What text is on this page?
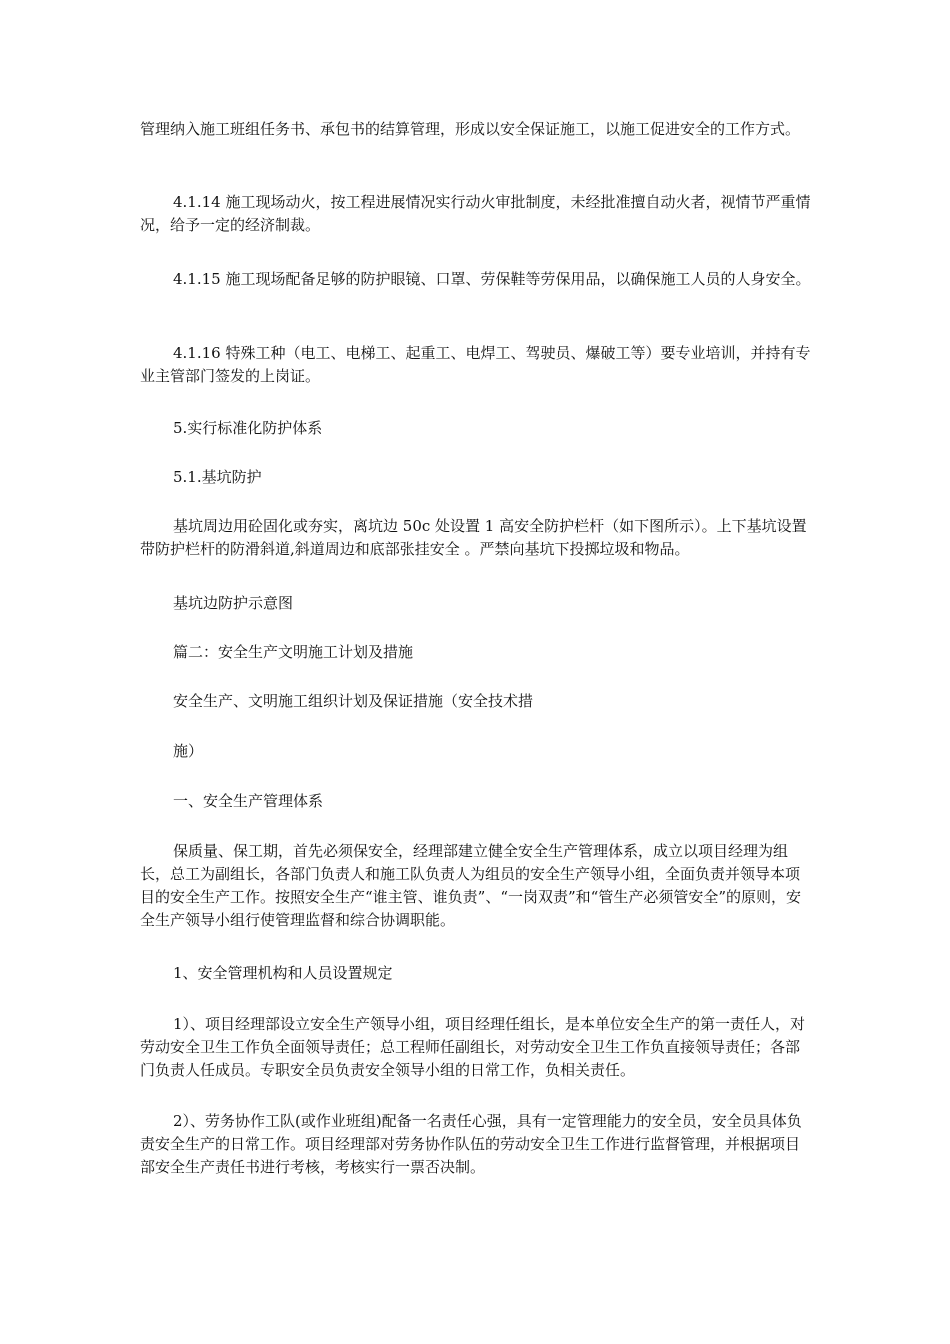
管理纳入施工班组任务书、承包书的结算管理，形成以安全保证施工，以施工促进安全的工作方式。

4.1.14 施工现场动火，按工程进展情况实行动火审批制度，未经批准擅自动火者，视情节严重情况，给予一定的经济制裁。

4.1.15 施工现场配备足够的防护眼镜、口罩、劳保鞋等劳保用品，以确保施工人员的人身安全。

4.1.16 特殊工种（电工、电梯工、起重工、电焊工、驾驶员、爆破工等）要专业培训，并持有专业主管部门签发的上岗证。

5.实行标准化防护体系

5.1.基坑防护

基坑周边用砼固化或夯实，离坑边 50c 处设置 1 高安全防护栏杆（如下图所示）。上下基坑设置带防护栏杆的防滑斜道,斜道周边和底部张挂安全 。严禁向基坑下投掷垃圾和物品。

基坑边防护示意图

篇二：安全生产文明施工计划及措施

安全生产、文明施工组织计划及保证措施（安全技术措

施）

一、安全生产管理体系

保质量、保工期，首先必须保安全，经理部建立健全安全生产管理体系，成立以项目经理为组长，总工为副组长，各部门负责人和施工队负责人为组员的安全生产领导小组，全面负责并领导本项目的安全生产工作。按照安全生产“谁主管、谁负责”、“一岗双责”和“管生产必须管安全”的原则，安全生产领导小组行使管理监督和综合协调职能。

1、安全管理机构和人员设置规定

1）、项目经理部设立安全生产领导小组，项目经理任组长，是本单位安全生产的第一责任人，对劳动安全卫生工作负全面领导责任；总工程师任副组长，对劳动安全卫生工作负直接领导责任；各部门负责人任成员。专职安全员负责安全领导小组的日常工作，负相关责任。

2）、劳务协作工队(或作业班组)配备一名责任心强，具有一定管理能力的安全员，安全员具体负责安全生产的日常工作。项目经理部对劳务协作队伍的劳动安全卫生工作进行监督管理，并根据项目部安全生产责任书进行考核，考核实行一票否决制。
